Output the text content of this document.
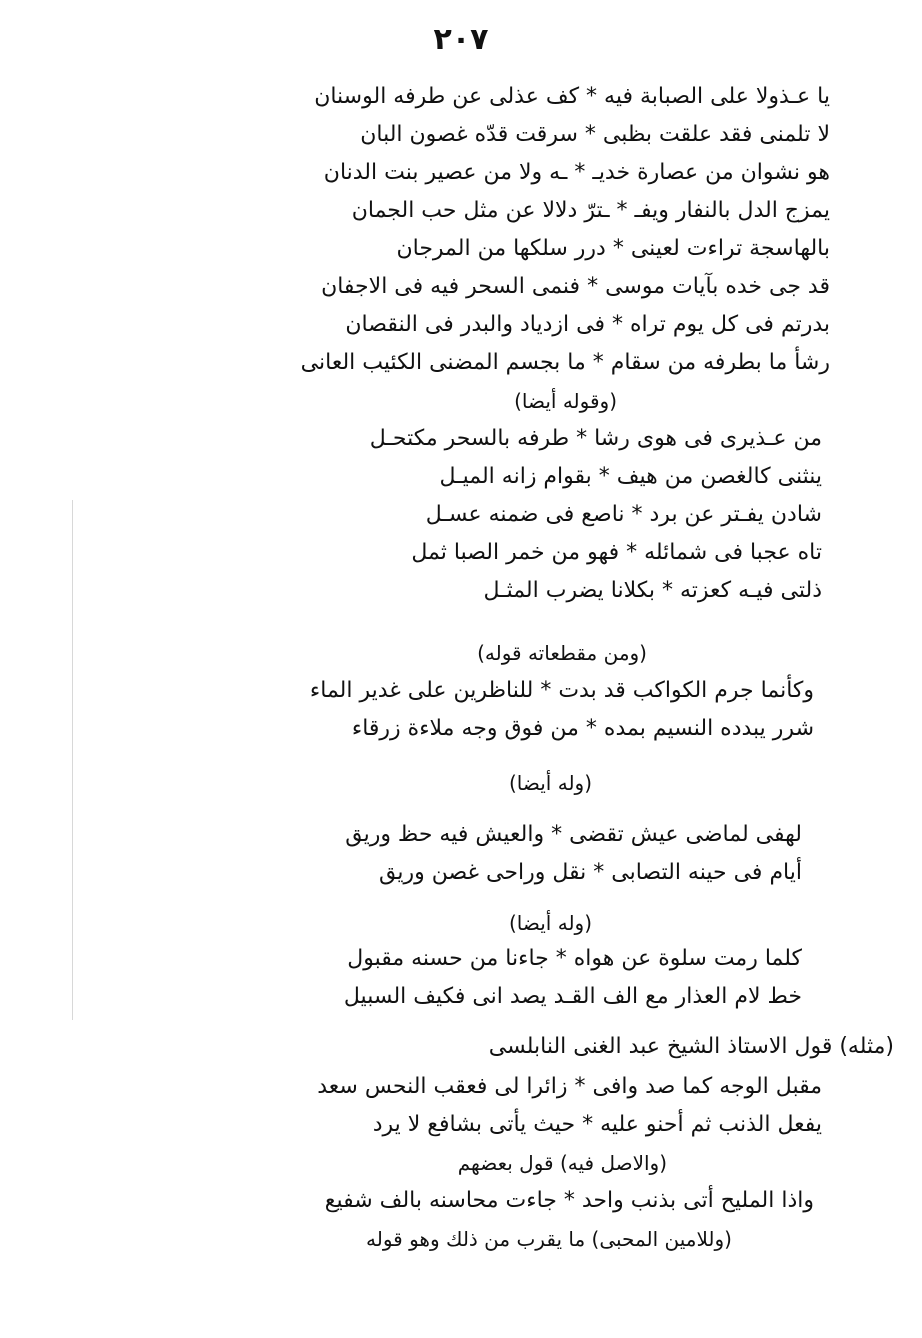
٢٠٧
يا عـذولا على الصبابة فيه * كف عذلى عن طرفه الوسنان
لا تلمنى فقد علقت بظبى * سرقت قدّه غصون البان
هو نشوان من عصارة خديـ * ـه ولا من عصير بنت الدنان
يمزج الدل بالنفار ويفـ * ـترّ دلالا عن مثل حب الجمان
بالهاسجة تراءت لعينى * درر سلكها من المرجان
قد جى خده بآيات موسى * فنمى السحر فيه فى الاجفان
بدرتم فى كل يوم تراه * فى ازدياد والبدر فى النقصان
رشأ ما بطرفه من سقام * ما بجسم المضنى الكئيب العانى
(وقوله أيضا)
من عـذيرى فى هوى رشا * طرفه بالسحر مكتحـل
ينثنى كالغصن من هيف * بقوام زانه الميـل
شادن يفـتر عن برد * ناصع فى ضمنه عسـل
تاه عجبا فى شمائله * فهو من خمر الصبا ثمل
ذلتى فيـه كعزته * بكلانا يضرب المثـل
(ومن مقطعاته قوله)
وكأنما جرم الكواكب قد بدت * للناظرين على غدير الماء
شرر يبدده النسيم بمده * من فوق وجه ملاءة زرقاء
(وله أيضا)
لهفى لماضى عيش تقضى * والعيش فيه حظ وريق
أيام فى حينه التصابى * نقل وراحى غصن وريق
(وله أيضا)
كلما رمت سلوة عن هواه * جاءنا من حسنه مقبول
خط لام العذار مع الف القـد يصد انى فكيف السبيل
(مثله) قول الاستاذ الشيخ عبد الغنى النابلسى
مقبل الوجه كما صد وافى * زائرا لى فعقب النحس سعد
يفعل الذنب ثم أحنو عليه * حيث يأتى بشافع لا يرد
(والاصل فيه) قول بعضهم
واذا المليح أتى بذنب واحد * جاءت محاسنه بالف شفيع
(وللامين المحبى) ما يقرب من ذلك وهو قوله
